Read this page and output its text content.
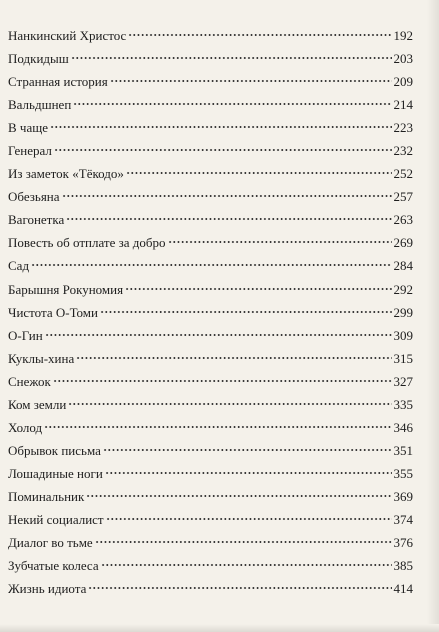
Нанкинский Христос	192
Подкидыш	203
Странная история	209
Вальдшнеп	214
В чаще	223
Генерал	232
Из заметок «Тёкодо»	252
Обезьяна	257
Вагонетка	263
Повесть об отплате за добро	269
Сад	284
Барышня Рокуномия	292
Чистота О-Томи	299
О-Гин	309
Куклы-хина	315
Снежок	327
Ком земли	335
Холод	346
Обрывок письма	351
Лошадиные ноги	355
Поминальник	369
Некий социалист	374
Диалог во тьме	376
Зубчатые колеса	385
Жизнь идиота	414
